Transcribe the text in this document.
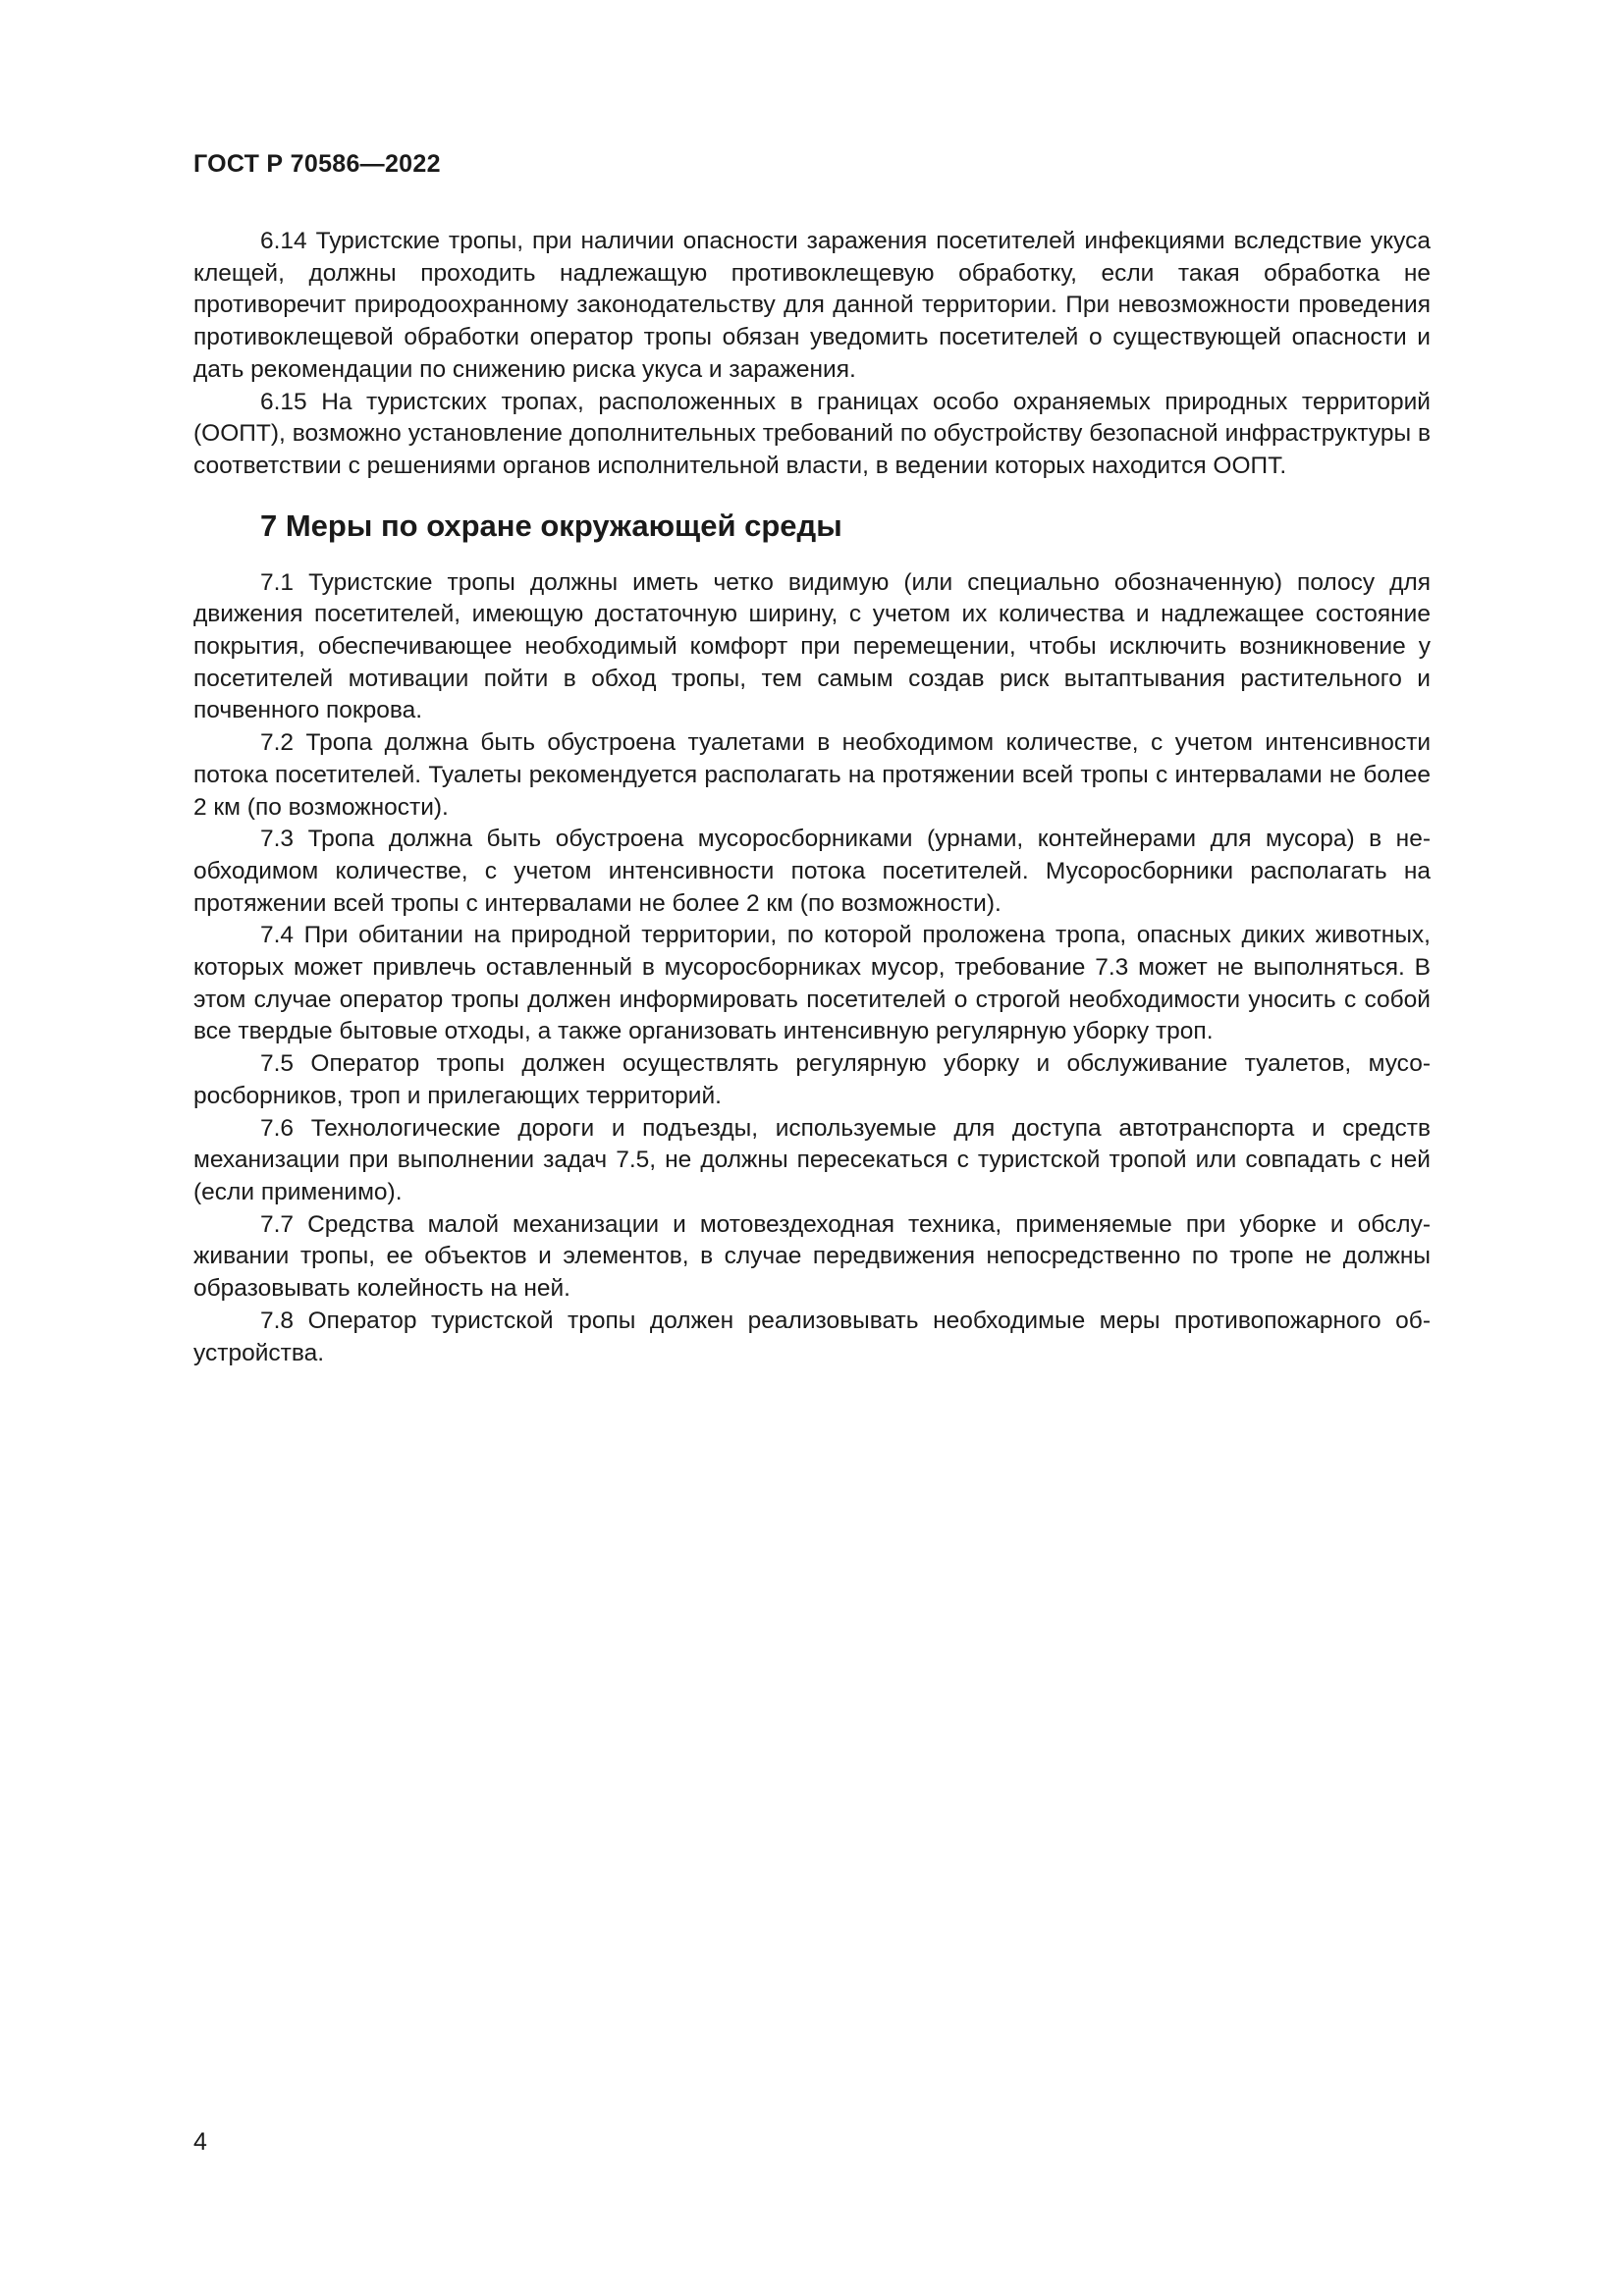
ГОСТ Р 70586—2022

6.14 Туристские тропы, при наличии опасности заражения посетителей инфекциями вследствие укуса клещей, должны проходить надлежащую противоклещевую обработку, если такая обработка не противоречит природоохранному законодательству для данной территории. При невозможности проведения противоклещевой обработки оператор тропы обязан уведомить посетителей о существующей опасности и дать рекомендации по снижению риска укуса и заражения.

6.15 На туристских тропах, расположенных в границах особо охраняемых природных территорий (ООПТ), возможно установление дополнительных требований по обустройству безопасной инфраструктуры в соответствии с решениями органов исполнительной власти, в ведении которых находится ООПТ.

7 Меры по охране окружающей среды

7.1 Туристские тропы должны иметь четко видимую (или специально обозначенную) полосу для движения посетителей, имеющую достаточную ширину, с учетом их количества и надлежащее состояние покрытия, обеспечивающее необходимый комфорт при перемещении, чтобы исключить возникновение у посетителей мотивации пойти в обход тропы, тем самым создав риск вытаптывания растительного и почвенного покрова.

7.2 Тропа должна быть обустроена туалетами в необходимом количестве, с учетом интенсивности потока посетителей. Туалеты рекомендуется располагать на протяжении всей тропы с интервалами не более 2 км (по возможности).

7.3 Тропа должна быть обустроена мусоросборниками (урнами, контейнерами для мусора) в необходимом количестве, с учетом интенсивности потока посетителей. Мусоросборники располагать на протяжении всей тропы с интервалами не более 2 км (по возможности).

7.4 При обитании на природной территории, по которой проложена тропа, опасных диких животных, которых может привлечь оставленный в мусоросборниках мусор, требование 7.3 может не выполняться. В этом случае оператор тропы должен информировать посетителей о строгой необходимости уносить с собой все твердые бытовые отходы, а также организовать интенсивную регулярную уборку троп.

7.5 Оператор тропы должен осуществлять регулярную уборку и обслуживание туалетов, мусоросборников, троп и прилегающих территорий.

7.6 Технологические дороги и подъезды, используемые для доступа автотранспорта и средств механизации при выполнении задач 7.5, не должны пересекаться с туристской тропой или совпадать с ней (если применимо).

7.7 Средства малой механизации и мотовездеходная техника, применяемые при уборке и обслуживании тропы, ее объектов и элементов, в случае передвижения непосредственно по тропе не должны образовывать колейность на ней.

7.8 Оператор туристской тропы должен реализовывать необходимые меры противопожарного обустройства.

4
